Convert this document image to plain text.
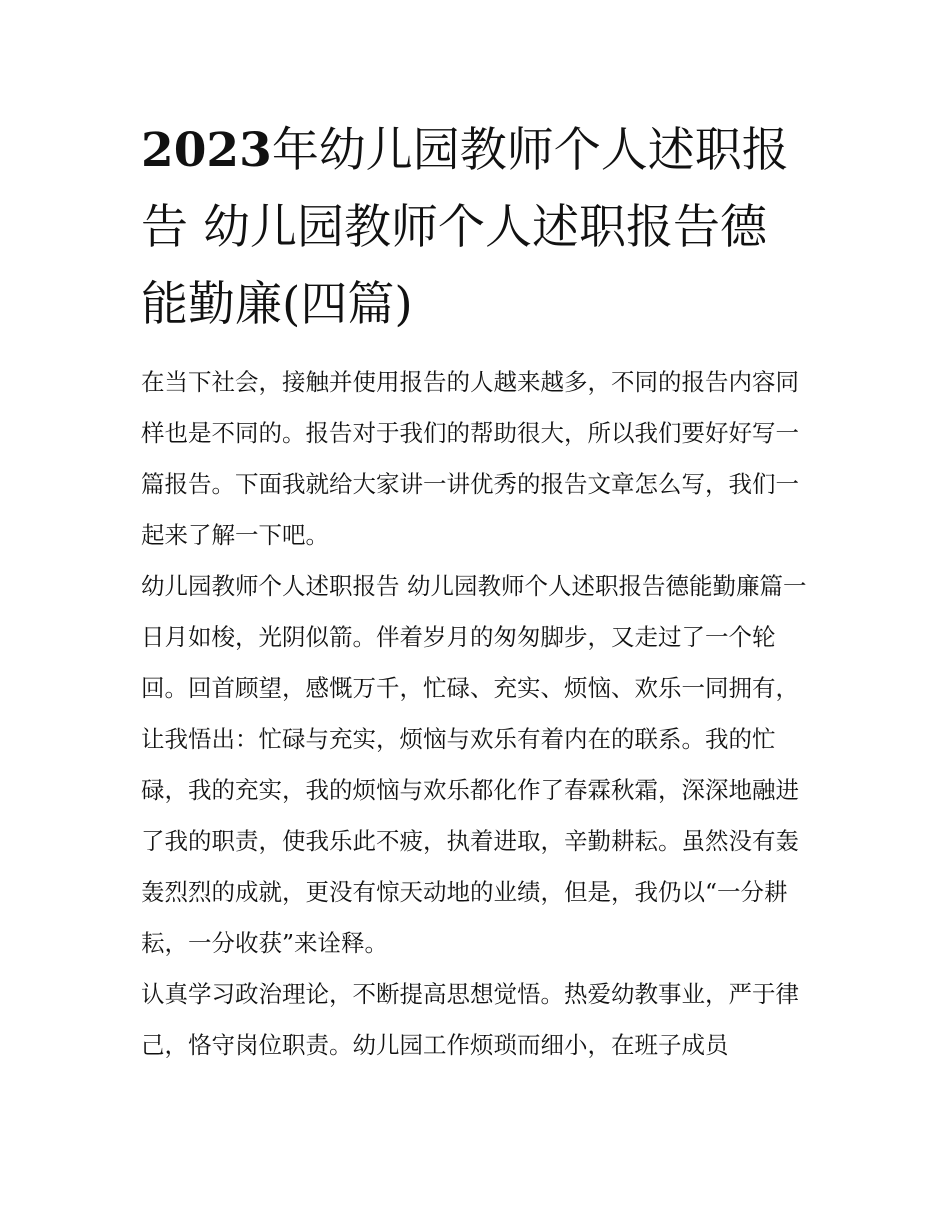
2023年幼儿园教师个人述职报告 幼儿园教师个人述职报告德能勤廉(四篇)

在当下社会，接触并使用报告的人越来越多，不同的报告内容同样也是不同的。报告对于我们的帮助很大，所以我们要好好写一篇报告。下面我就给大家讲一讲优秀的报告文章怎么写，我们一起来了解一下吧。

幼儿园教师个人述职报告 幼儿园教师个人述职报告德能勤廉篇一

日月如梭，光阴似箭。伴着岁月的匆匆脚步，又走过了一个轮回。回首顾望，感慨万千，忙碌、充实、烦恼、欢乐一同拥有，让我悟出：忙碌与充实，烦恼与欢乐有着内在的联系。我的忙碌，我的充实，我的烦恼与欢乐都化作了春霖秋霜，深深地融进了我的职责，使我乐此不疲，执着进取，辛勤耕耘。虽然没有轰轰烈烈的成就，更没有惊天动地的业绩，但是，我仍以“一分耕耘，一分收获”来诠释。

认真学习政治理论，不断提高思想觉悟。热爱幼教事业，严于律己，恪守岗位职责。幼儿园工作烦琐而细小，在班子成员
